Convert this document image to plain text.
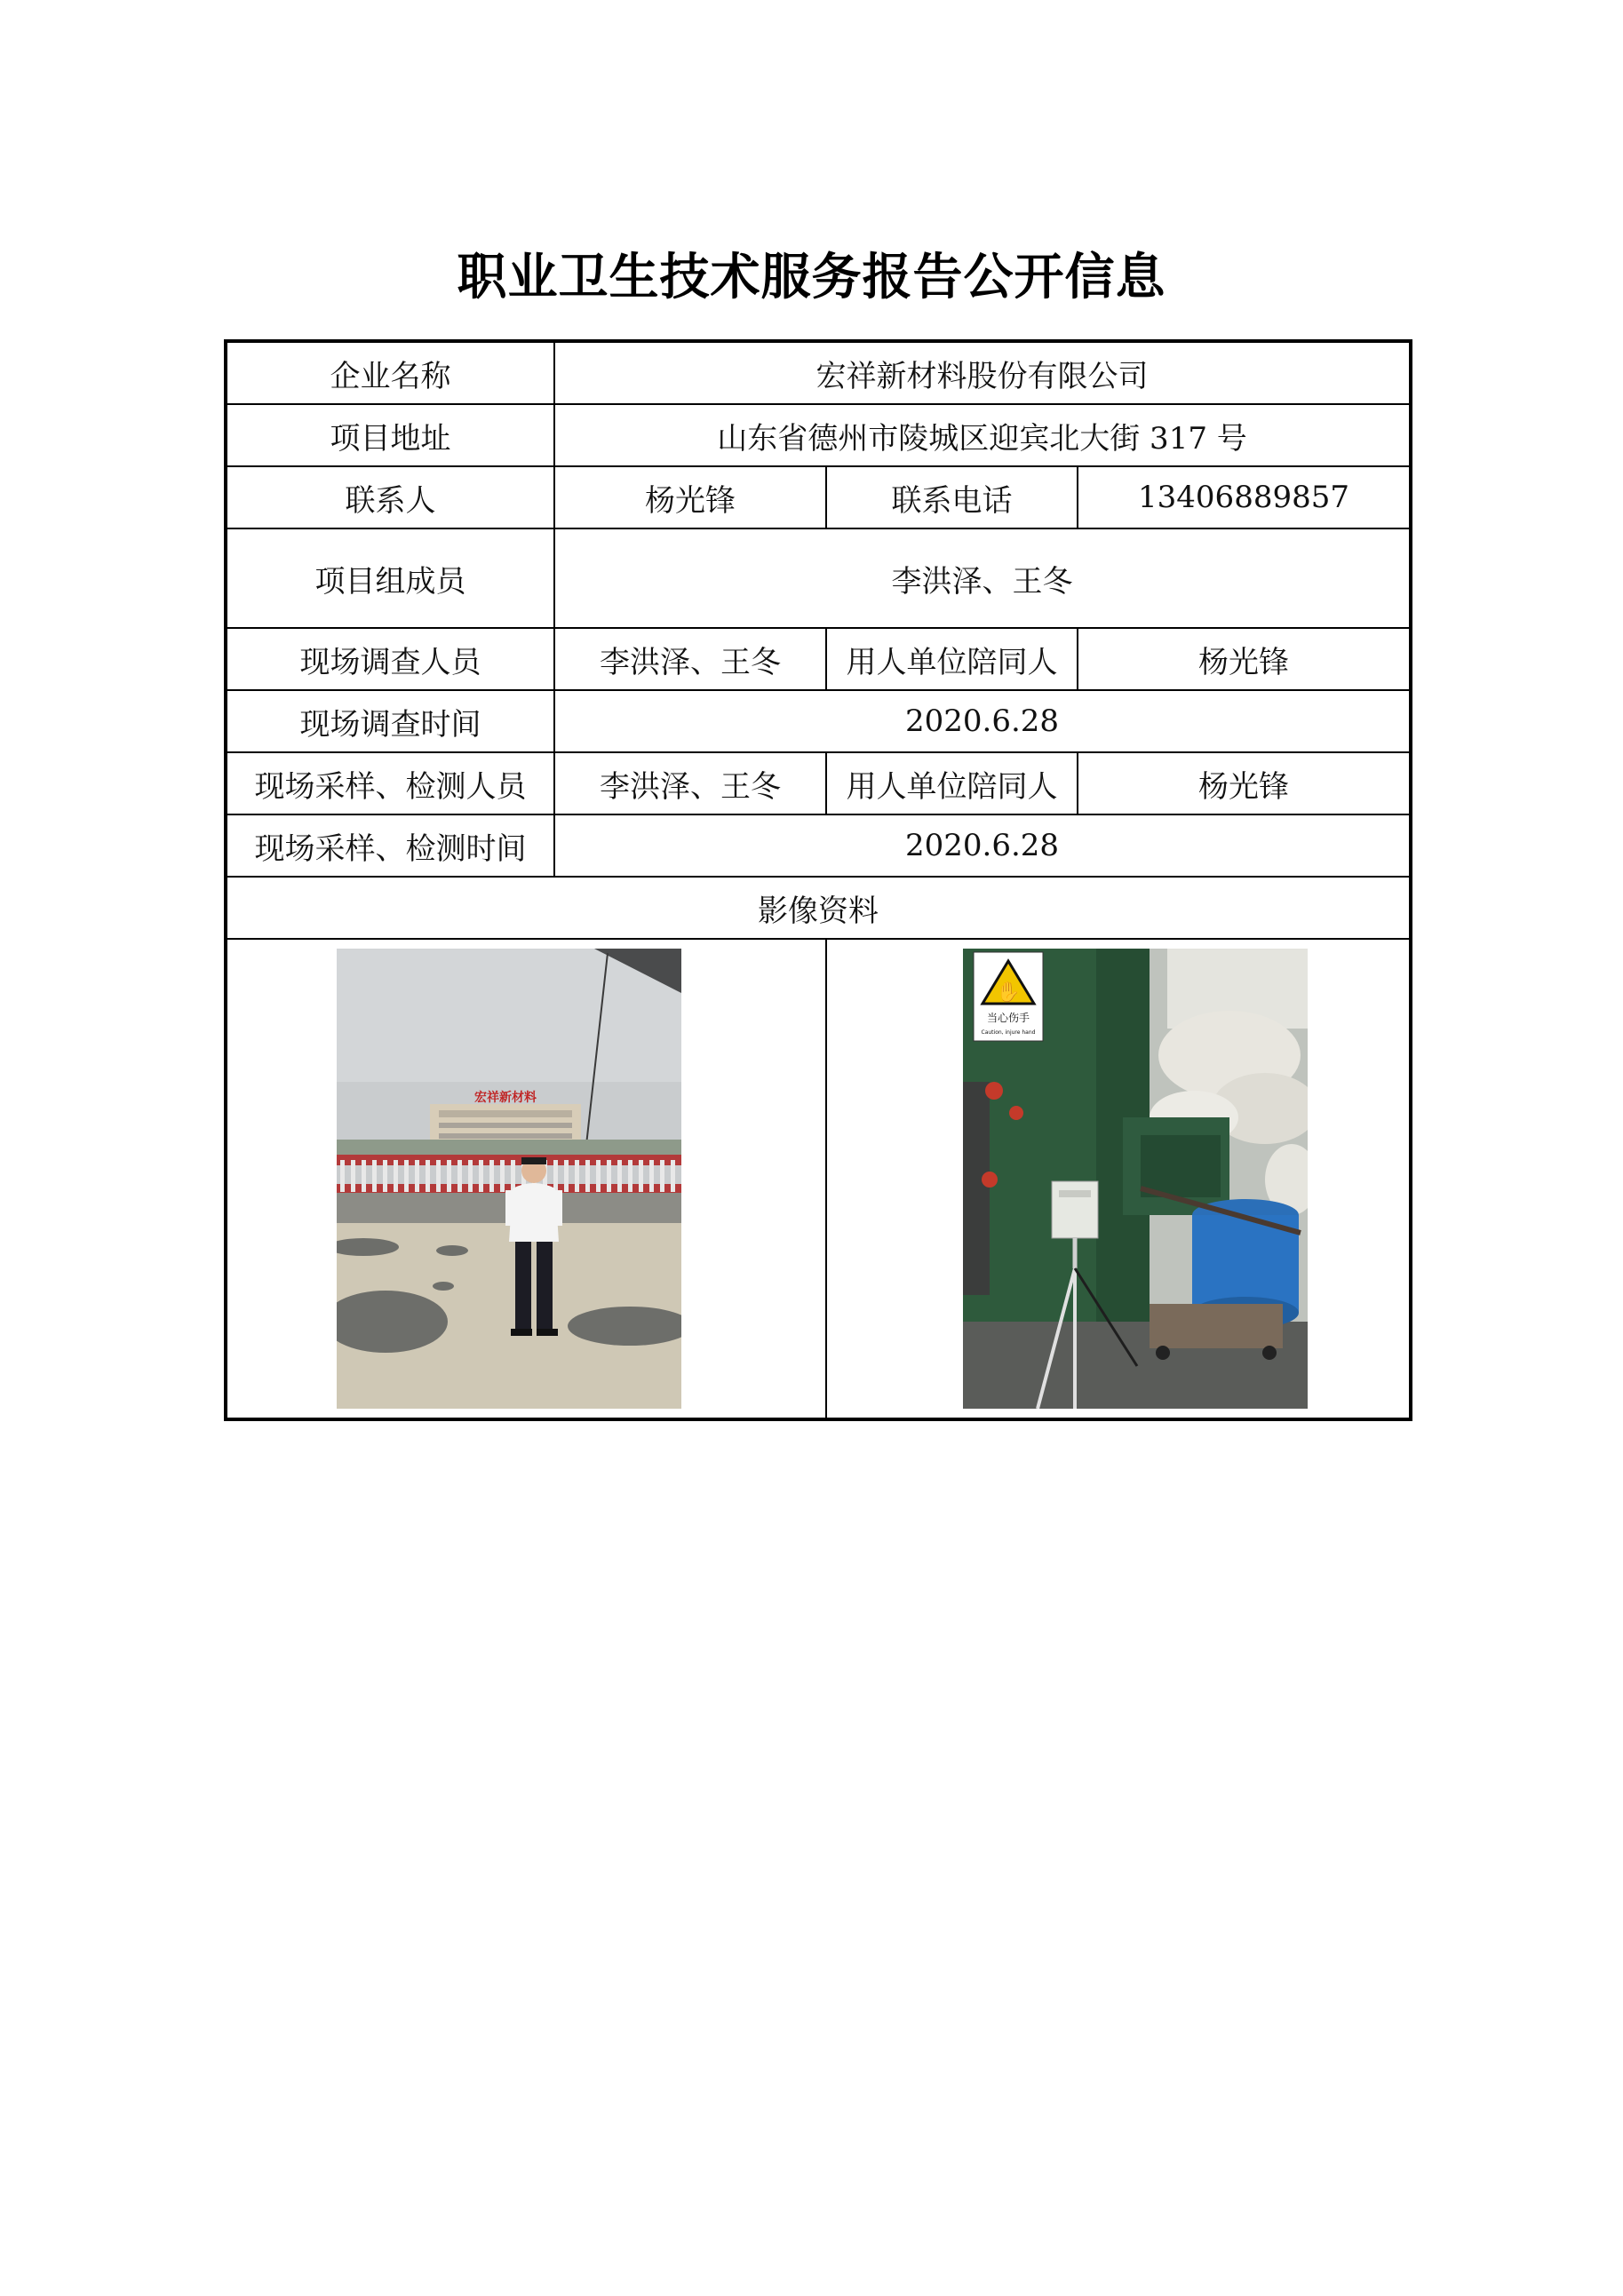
职业卫生技术服务报告公开信息
企业名称	宏祥新材料股份有限公司		
项目地址	山东省德州市陵城区迎宾北大街 317 号		
联系人	杨光锋	联系电话	13406889857
项目组成员	李洪泽、王冬		
现场调查人员	李洪泽、王冬	用人单位陪同人	杨光锋
现场调查时间	2020.6.28		
现场采样、检测人员	李洪泽、王冬	用人单位陪同人	杨光锋
现场采样、检测时间	2020.6.28		
影像资料			

宏祥新材料		✋
当心伤手
Caution, injure hand	
